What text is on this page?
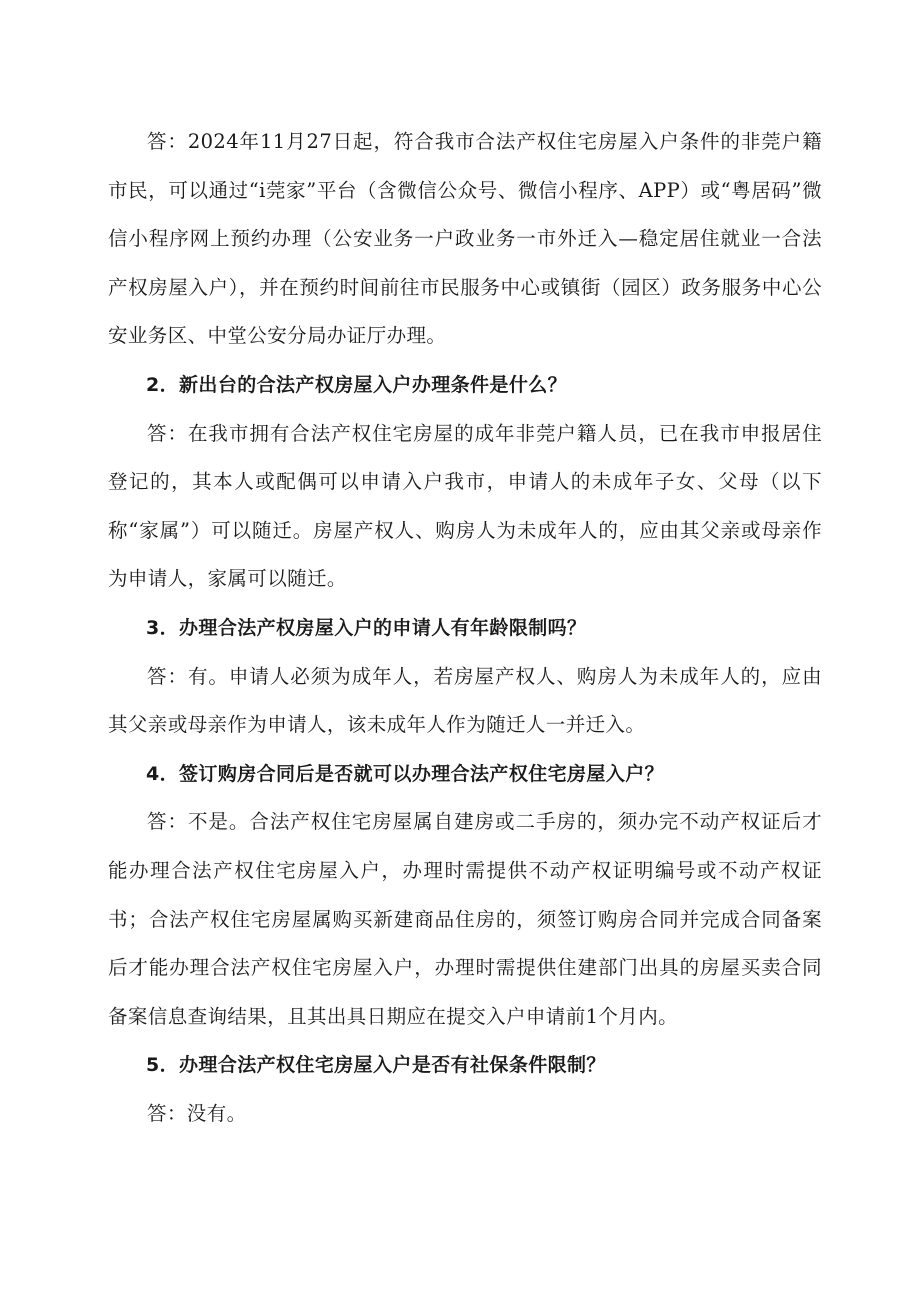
答：2024年11月27日起，符合我市合法产权住宅房屋入户条件的非莞户籍市民，可以通过“i莞家”平台（含微信公众号、微信小程序、APP）或“粤居码”微信小程序网上预约办理（公安业务一户政业务一市外迁入—稳定居住就业一合法产权房屋入户），并在预约时间前往市民服务中心或镇街（园区）政务服务中心公安业务区、中堂公安分局办证厅办理。

2．新出台的合法产权房屋入户办理条件是什么？

答：在我市拥有合法产权住宅房屋的成年非莞户籍人员，已在我市申报居住登记的，其本人或配偶可以申请入户我市，申请人的未成年子女、父母（以下称“家属”）可以随迁。房屋产权人、购房人为未成年人的，应由其父亲或母亲作为申请人，家属可以随迁。

3．办理合法产权房屋入户的申请人有年龄限制吗？

答：有。申请人必须为成年人，若房屋产权人、购房人为未成年人的，应由其父亲或母亲作为申请人，该未成年人作为随迁人一并迁入。

4．签订购房合同后是否就可以办理合法产权住宅房屋入户？

答：不是。合法产权住宅房屋属自建房或二手房的，须办完不动产权证后才能办理合法产权住宅房屋入户，办理时需提供不动产权证明编号或不动产权证书；合法产权住宅房屋属购买新建商品住房的，须签订购房合同并完成合同备案后才能办理合法产权住宅房屋入户，办理时需提供住建部门出具的房屋买卖合同备案信息查询结果，且其出具日期应在提交入户申请前1个月内。

5．办理合法产权住宅房屋入户是否有社保条件限制？

答：没有。
